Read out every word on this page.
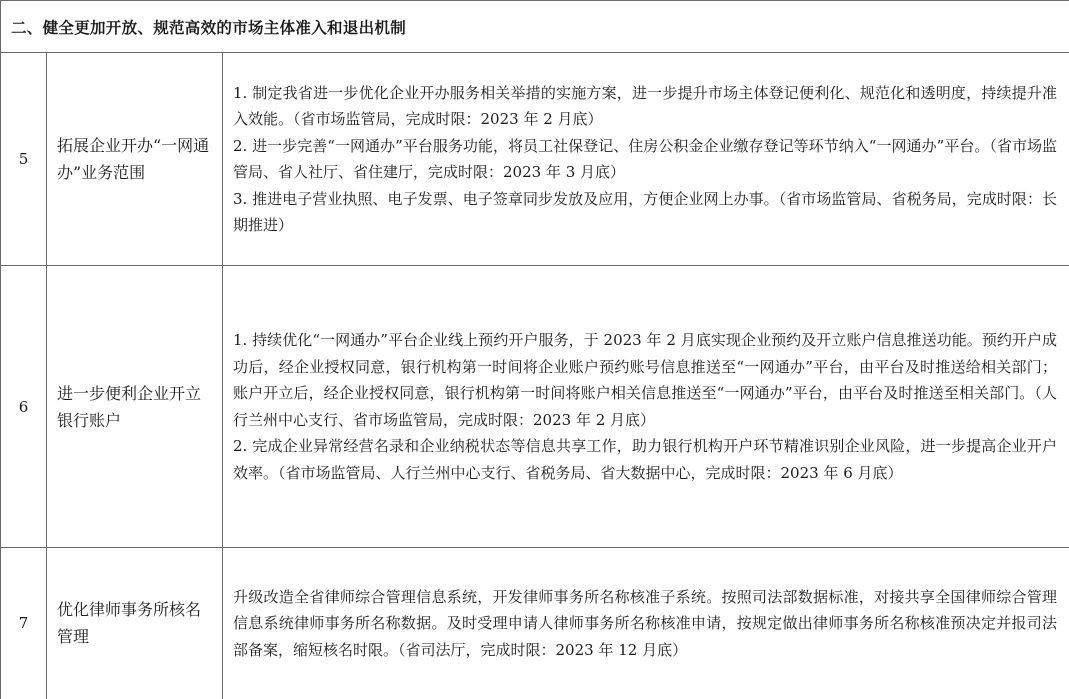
二、健全更加开放、规范高效的市场主体准入和退出机制		
5	拓展企业开办“一网通办”业务范围	1. 制定我省进一步优化企业开办服务相关举措的实施方案，进一步提升市场主体登记便利化、规范化和透明度，持续提升准入效能。（省市场监管局，完成时限：2023 年 2 月底）

2. 进一步完善“一网通办”平台服务功能，将员工社保登记、住房公积金企业缴存登记等环节纳入“一网通办”平台。（省市场监管局、省人社厅、省住建厅，完成时限：2023 年 3 月底）

3. 推进电子营业执照、电子发票、电子签章同步发放及应用，方便企业网上办事。（省市场监管局、省税务局，完成时限：长期推进）

6	进一步便利企业开立银行账户	1. 持续优化“一网通办”平台企业线上预约开户服务，于 2023 年 2 月底实现企业预约及开立账户信息推送功能。预约开户成功后，经企业授权同意，银行机构第一时间将企业账户预约账号信息推送至“一网通办”平台，由平台及时推送给相关部门；账户开立后，经企业授权同意，银行机构第一时间将账户相关信息推送至“一网通办”平台，由平台及时推送至相关部门。（人行兰州中心支行、省市场监管局，完成时限：2023 年 2 月底）

2. 完成企业异常经营名录和企业纳税状态等信息共享工作，助力银行机构开户环节精准识别企业风险，进一步提高企业开户效率。（省市场监管局、人行兰州中心支行、省税务局、省大数据中心，完成时限：2023 年 6 月底）

7	优化律师事务所核名管理	升级改造全省律师综合管理信息系统，开发律师事务所名称核准子系统。按照司法部数据标准，对接共享全国律师综合管理信息系统律师事务所名称数据。及时受理申请人律师事务所名称核准申请，按规定做出律师事务所名称核准预决定并报司法部备案，缩短核名时限。（省司法厅，完成时限：2023 年 12 月底）
